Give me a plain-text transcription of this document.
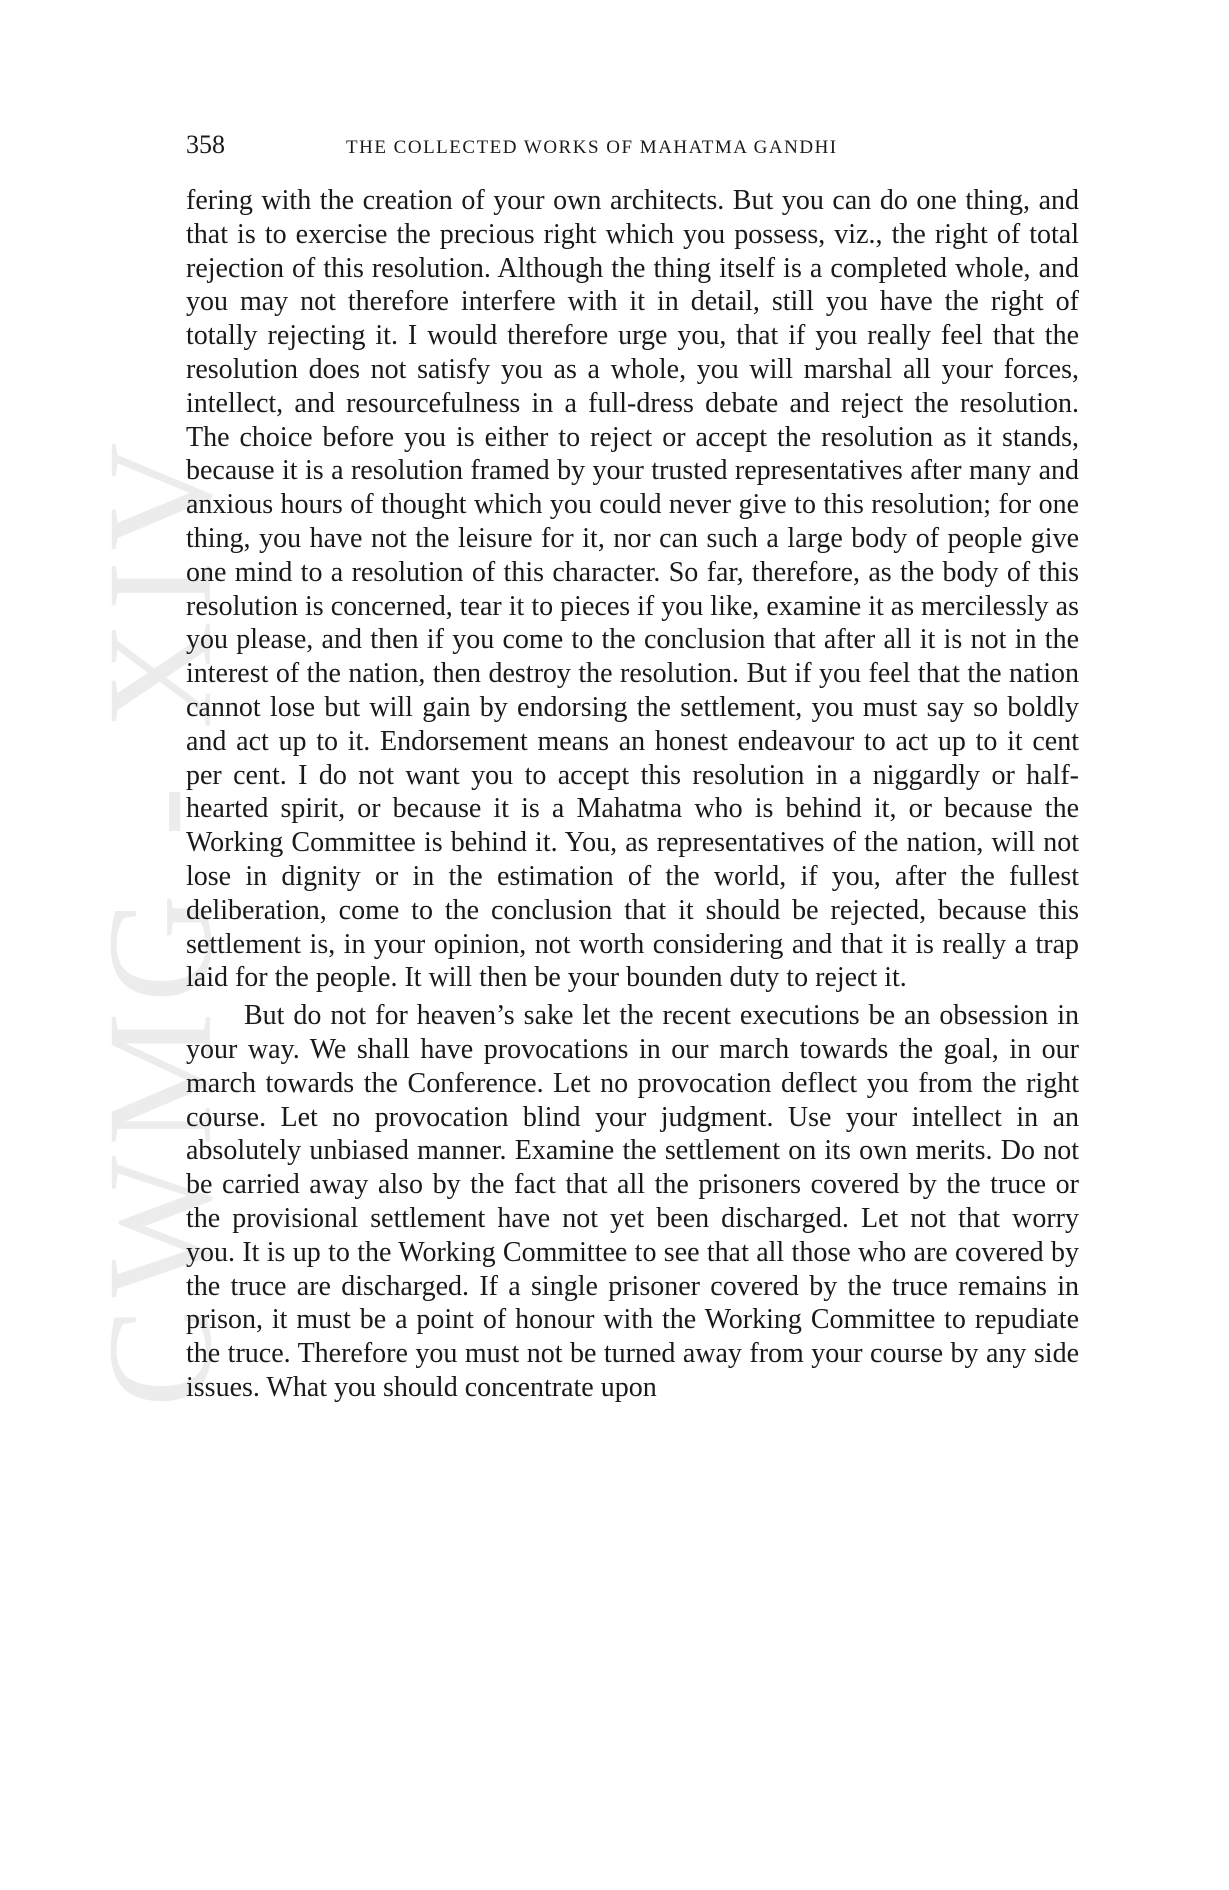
CWMG - XIV
358	THE COLLECTED WORKS OF MAHATMA GANDHI

fering with the creation of your own architects. But you can do one thing, and that is to exercise the precious right which you possess, viz., the right of total rejection of this resolution. Although the thing itself is a completed whole, and you may not therefore interfere with it in detail, still you have the right of totally rejecting it. I would therefore urge you, that if you really feel that the resolution does not satisfy you as a whole, you will marshal all your forces, intellect, and resourcefulness in a full-dress debate and reject the resolution. The choice before you is either to reject or accept the resolution as it stands, because it is a resolution framed by your trusted representatives after many and anxious hours of thought which you could never give to this resolution; for one thing, you have not the leisure for it, nor can such a large body of people give one mind to a resolution of this character. So far, therefore, as the body of this resolution is concerned, tear it to pieces if you like, examine it as mercilessly as you please, and then if you come to the conclusion that after all it is not in the interest of the nation, then destroy the resolution. But if you feel that the nation cannot lose but will gain by endorsing the settlement, you must say so boldly and act up to it. Endorsement means an honest endeavour to act up to it cent per cent. I do not want you to accept this resolution in a niggardly or half-hearted spirit, or because it is a Mahatma who is behind it, or because the Working Committee is behind it. You, as representatives of the nation, will not lose in dignity or in the estimation of the world, if you, after the fullest deliberation, come to the conclusion that it should be rejected, because this settlement is, in your opinion, not worth considering and that it is really a trap laid for the people. It will then be your bounden duty to reject it.

But do not for heaven’s sake let the recent executions be an obsession in your way. We shall have provocations in our march towards the goal, in our march towards the Conference. Let no provocation deflect you from the right course. Let no provocation blind your judgment. Use your intellect in an absolutely unbiased manner. Examine the settlement on its own merits. Do not be carried away also by the fact that all the prisoners covered by the truce or the provisional settlement have not yet been discharged. Let not that worry you. It is up to the Working Committee to see that all those who are covered by the truce are discharged. If a single prisoner covered by the truce remains in prison, it must be a point of honour with the Working Committee to repudiate the truce. Therefore you must not be turned away from your course by any side issues. What you should concentrate upon
